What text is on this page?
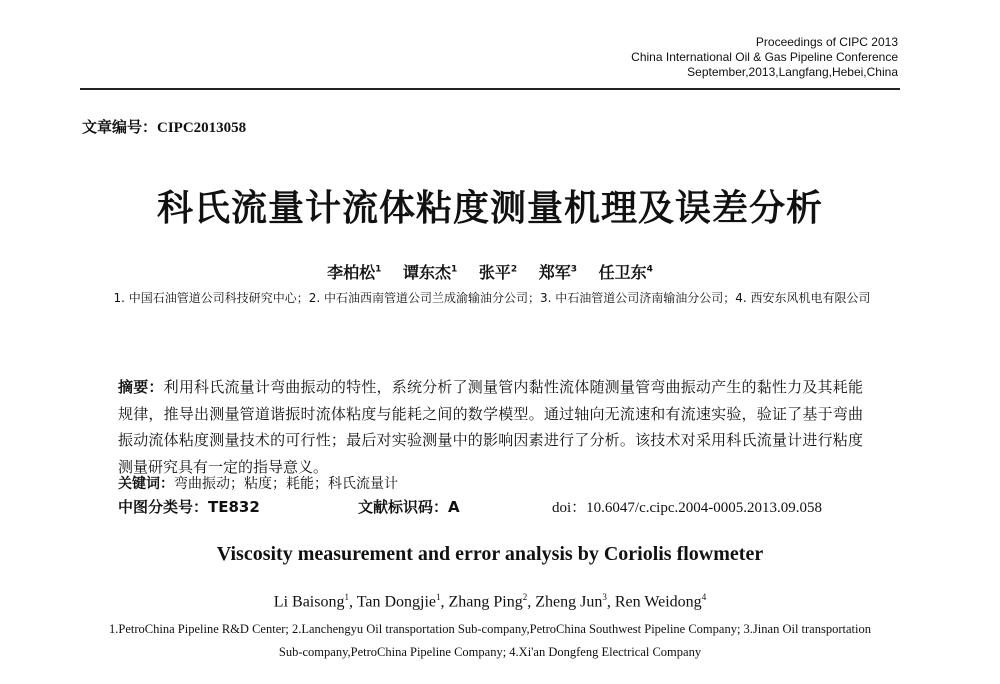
Proceedings of CIPC 2013
China International Oil & Gas Pipeline Conference
September,2013,Langfang,Hebei,China
文章编号：CIPC2013058
科氏流量计流体粘度测量机理及误差分析
李柏松$^1$  谭东杰$^1$  张平$^2$  郑军$^3$  任卫东$^4$
1. 中国石油管道公司科技研究中心；2. 中石油西南管道公司兰成渝输油分公司；3. 中石油管道公司济南输油分公司；4. 西安东风机电有限公司
摘要：利用科氏流量计弯曲振动的特性，系统分析了测量管内黏性流体随测量管弯曲振动产生的黏性力及其耗能规律，推导出测量管道谐振时流体粘度与能耗之间的数学模型。通过轴向无流速和有流速实验，验证了基于弯曲振动流体粘度测量技术的可行性；最后对实验测量中的影响因素进行了分析。该技术对采用科氏流量计进行粘度测量研究具有一定的指导意义。
关键词：弯曲振动；粘度；耗能；科氏流量计
中图分类号：TE832	文献标识码：A	doi：10.6047/c.cipc.2004-0005.2013.09.058
Viscosity measurement and error analysis by Coriolis flowmeter
Li Baisong$^1$, Tan Dongjie$^1$, Zhang Ping$^2$, Zheng Jun$^3$, Ren Weidong$^4$
1.PetroChina Pipeline R&D Center; 2.Lanchengyu Oil transportation Sub-company,PetroChina Southwest Pipeline Company; 3.Jinan Oil transportation Sub-company,PetroChina Pipeline Company; 4.Xi'an Dongfeng Electrical Company
